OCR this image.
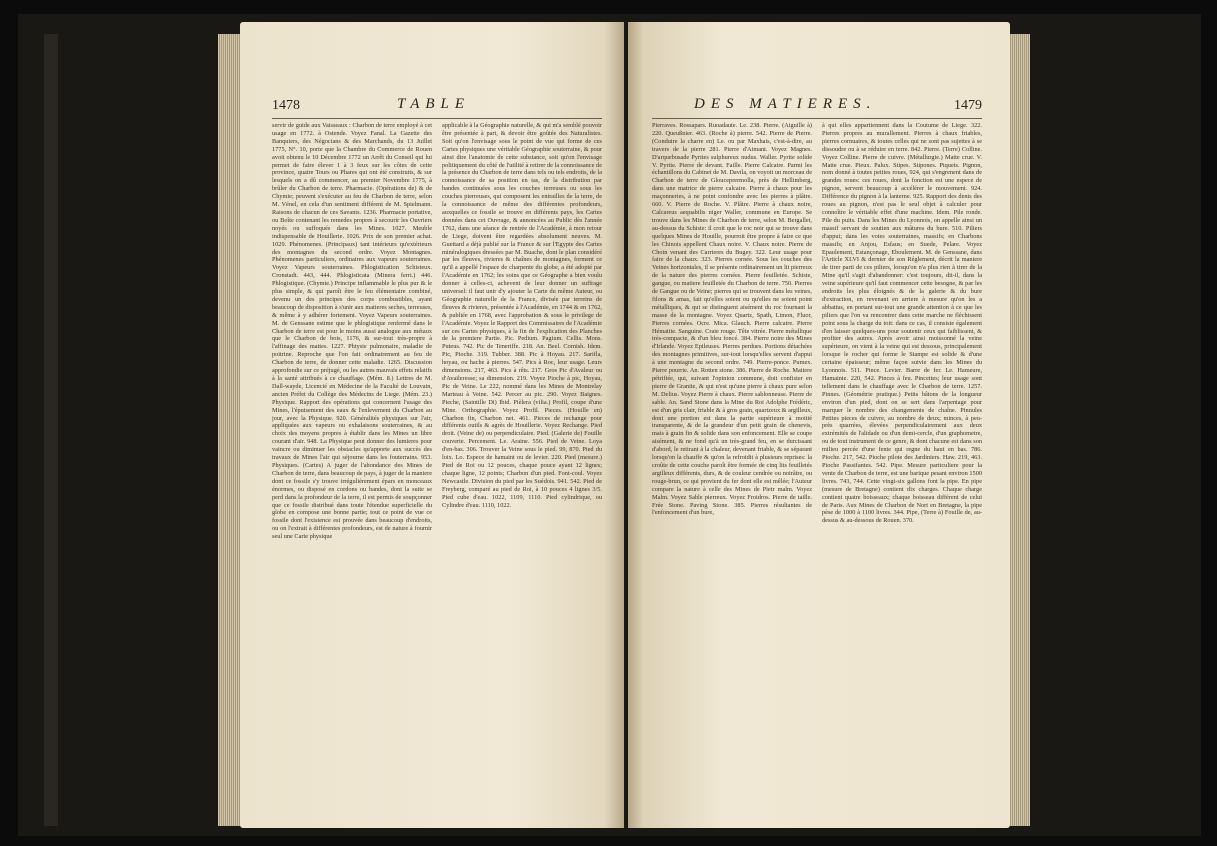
1478	TABLE

servir de guide aux Vaisseaux : Charbon de terre employé à cet usage en 1772. à Ostende. Voyez Fanal. La Gazette des Banquiers, des Négocians & des Marchands, du 13 Juillet 1775, N°. 10, porte que la Chambre du Commerce de Rouen avoit obtenu le 10 Décembre 1772 un Arrêt du Conseil qui lui permet de faire élever 1 à 3 feux sur les côtes de cette province, quatre Tours ou Phares qui ont été construits, & sur lesquels on a dû commencer, au premier Novembre 1775, à brûler du Charbon de terre. Pharmacie. (Opérations de) & de Chymie; peuvent s'exécuter au feu de Charbon de terre, selon M. Vénel, en cela d'un sentiment différent de M. Spielmann. Raisons de chacun de ces Savants. 1236. Pharmacie portative, ou Boîte contenant les remedes propres à secourir les Ouvriers noyés ou suffoqués dans les Mines. 1027. Meuble indispensable de Houillerie. 1026. Prix de son premier achat. 1029. Phénomenes. (Principaux) tant intérieurs qu'extérieurs des montagnes du second ordre. Voyez Montagnes. Phénomenes particuliers, ordinaires aux vapeurs souterraines. Voyez Vapeurs souterraines. Phlogistication Schisteux. Cronstadt. 443, 444. Phlogisticata (Minera ferri.) 446. Phlogistique. (Chymie.) Principe inflammable le plus pur & le plus simple, & qui paroît être le feu élémentaire combiné, devenu un des principes des corps combustibles, ayant beaucoup de disposition à s'unir aux matieres seches, terreuses, & même à y adhérer fortement. Voyez Vapeurs souterraines. M. de Genssane estime que le phlogistique renfermé dans le Charbon de terre est pour le moins aussi analogue aux métaux que le Charbon de bois, 1176, & sur-tout très-propre à l'affinage des mattes. 1227. Phtysie pulmonaire, maladie de poitrine. Reproche que l'on fait ordinairement au feu de Charbon de terre, de donner cette maladie. 1265. Discussion approfondie sur ce préjugé, ou les autres mauvais effets relatifs à la santé attribués à ce chauffage. (Mém. 8.) Lettres de M. Dall-wayde, Licencié en Médecine de la Faculté de Louvain, ancien Préfet du Collège des Médecins de Liege. (Mém. 23.) Physique. Rapport des opérations qui concernent l'usage des Mines, l'épuisement des eaux & l'enlevement du Charbon au jour, avec la Physique. 920. Généralités physiques sur l'air, appliquées aux vapeurs ou exhalaisons souterraines, & au choix des moyens propres à établir dans les Mines un libre courant d'air. 948. La Physique peut donner des lumieres pour vaincre ou diminuer les obstacles qu'apporte aux succès des travaux de Mines l'air qui séjourne dans les fouterrains. 953. Physiques. (Cartes) A juger de l'abondance des Mines de Charbon de terre, dans beaucoup de pays, à juger de la maniere dont ce fossile s'y trouve irrégulièrement épars en monceaux énormes, ou disposé en cordons ou bandes, dont la suite se perd dans la profondeur de la terre, il est permis de soupçonner que ce fossile distribué dans toute l'étendue superficielle du globe en compose une bonne partie; tout ce point de vue ce fossile dont l'existence est prouvée dans beaucoup d'endroits, ou on l'extrait à différentes profondeurs, est de nature à fournir seul une Carte physique

applicable à la Géographie naturelle, & qui m'a semblé pouvoir être présentée à part, & devoir être goûtée des Naturalistes. Soit qu'on l'envisage sous le point de vue qui forme de ces Cartes physiques une véritable Géographie souterraine, & pour ainsi dire l'anatomie de cette substance, soit qu'on l'envisage politiquement du côté de l'utilité à retirer de la connoissance de la présence du Charbon de terre dans tels ou tels endroits, de la connoissance de sa position en tas, de la distribution par bandes continuées sous les couches terreuses ou sous les couches pierreuses, qui composent les entrailles de la terre, de la connoissance de même des différentes profondeurs, auxquelles ce fossile se trouve en différents pays, les Cartes données dans cet Ouvrage, & annoncées au Public dès l'année 1762, dans une séance de rentrée de l'Académie, à mon retour de Liege, doivent être regardées absolument neuves. M. Guettard a déjà publié sur la France & sur l'Egypte des Cartes minéralogiques dressées par M. Buache, dont le plan considéré par les fleuves, rivieres & chaînes de montagnes, forment ce qu'il a appellé l'espace de charpente du globe, a été adopté par l'Académie en 1762; les soins que ce Géographe a bien voulu donner à celles-ci, achevent de leur donner un suffrage universel: il faut unir d'y ajouter la Carte du même Auteur, ou Géographie naturelle de la France, divisée par terreins de fleuves & rivieres, présentée à l'Académie, en 1744 & en 1762, & publiée en 1768, avec l'approbation & sous le privilege de l'Académie. Voyez le Rapport des Commissaires de l'Académie sur ces Cartes physiques, à la fin de l'explication des Planches de la premiere Partie. Pic. Pedium. Pagium. Cellis. Mons. Puteus. 742. Pic de Teneriffe. 218. An. Beel. Cornish. Idem. Pic, Pioche. 319. Tubber. 388. Pic à Hoyau. 217. Sarifla, hoyau, ou hache à pierres. 547. Pics à Roc, leur usage. Leurs dimensions. 217, 463. Pics à rêts. 217. Gros Pic d'Avaleur ou d'Availeresse; sa dimension. 219. Voyez Pioche à pic, Hoyau, Pic de Veine. Le 222, nommé dans les Mines de Montrelay Marteau à Veine. 542. Percer au pic. 290. Voyez Baignes. Pieche, (Saintille Di) Ibid. Pièlera (vilia.) Profil, coupe d'une Mine. Orthographie. Voyez Profil. Pieces. (Houille en) Charbon fin, Charbon net. 461. Pieces de rechange pour différents outils & agrès de Houillerie. Voyez Rechange. Pied droit. (Veine de) ou perpendiculaire. Pied. (Galerie de) Fouille couverte. Percement. Le. Araine. 556. Pied de Veine. Loya d'en-bas. 306. Trouver la Veine sous le pied. 99, 870. Pied du loix. Lo. Espece de hamaint ou de levier. 220. Pied (mesure.) Pied de Roi ou 12 pouces, chaque pouce ayant 12 lignes; chaque ligne, 12 points; Charbon d'un pied. Font-coul. Voyez Newcastle. Division du pied par les Suédois. 941. 542. Pied de Freyberg, comparé au pied de Roi, à 10 pouces 4 lignes 3/5. Pied cube d'eau. 1022, 1109, 1110. Pied cylindrique, ou Cylindre d'eau. 1110, 1022.

DES MATIERES.	1479

Pierraves. Rossapars. Ruoadaute. Le. 238. Pierre. (Aiguille à) 220. Queußnier. 463. (Roche à) pierre. 542. Pierre de Pierre. (Conduire la charre en) Le. ou par Maxhais, c'est-à-dire, au travers de la pierre 281. Pierre d'Aimant. Voyez Magnes. D'arquebusade Pyrites sulphureux nudus. Waller. Pyrite solide V. Pyrite. Pierre de devant. Faille. Pierre Calcaire. Parmi les échantillons du Cabinet de M. Davila, on voyoit un morceau de Charbon de terre de Glouceprermolla, près de Hellimberg, dans une matrice de pierre calcaire. Pierre à chaux pour les maçonneries, à ne point confondre avec les pierres à plâtre. 660. V. Pierre de Roche. V. Plâtre. Pierre à chaux noire, Calcareus aequabilis niger Waller, commune en Europe. Se trouve dans les Mines de Charbon de terre, selon M. Bergallet, au-dessus du Schiste: il croit que le roc noir qui se trouve dans quelques Mines de Houille, pourroit être propre à faire ce que les Chinois appellent Chaux noire. V. Chaux noire. Pierre de Choin venant des Carrieres du Bugey. 322. Leur usage pour faire de la chaux. 323. Pierres cornée. Sous les couches des Veines horizontales, il se présente ordinairement un lit pierreux de la nature des pierres cornées. Pierre feuilletée. Schiste, gangue, ou matiere feuilletée du Charbon de terre. 750. Pierres de Gangue ou de Veine; pierres qui se trouvent dans les veines, filons & amas, fait qu'elles soient ou qu'elles ne soient point métalliques, & qui se distinguent aisément du roc fournant la masse de la montagne. Voyez Quartz, Spath, Limon, Fluor, Pierres cornées. Ocre. Mica. Glauch. Pierre calcaire. Pierre Hématite. Sanguine. Craie rouge. Tête vitrée. Pierre métallique très-compacte, & d'un bleu foncé. 384. Pierre noire des Mines d'Irlande. Voyez Epileuses. Pierres perdues. Portions détachées des montagnes primitives, sur-tout lorsqu'elles servent d'appui à une montagne du second ordre. 749. Pierre-ponce. Pumex. Pierre pourrie. An. Rotten stone. 386. Pierre de Roche. Matiere pétrifiée, qui, suivant l'opinion commune, doit confister en pierre de Granite, & qui n'est qu'une pierre à chaux pure selon M. Delius. Voyez Pierre à chaux. Pierre sablonneuse. Pierre de sable. An. Sand Stone dans la Mine du Roi Adolphe Frédéric, est d'un gris clair, friable & à gros grain, quartzeux & argilleux, dont une portion est dans la partie supérieure à moitié transparente, & de la grandeur d'un petit grain de chenevis, mais à grain fin & solide dans son enfoncement. Elle se coupe aisément, & ne fond qu'à un très-grand feu, en se durcissant d'abord, le retirant à la chaleur, devenant friable, & se séparant lorsqu'on la chauffe & qu'on la refroidit à plusieurs reprises: la croûte de cette couche paroît être formée de cinq lits feuilletés argilleux différents, durs, & de couleur cendrée ou noirâtre, ou rouge-brun, ce qui provient du fer dont elle est mêlée; l'Auteur compare la nature à celle des Mines de Pietr malm. Voyez Malm. Voyez Sable pierreux. Voyez Froidros. Pierre de taille. Frée Stone. Paving Stone. 385. Pierres résultantes de l'enfoncement d'un bure,

à qui elles appartiennent dans la Coutume de Liege. 322. Pierres propres au murallement. Pierres à chaux friables, pierres cornuaires, & toutes celles qui ne sont pas sujettes à se dissoudre ou à se réduire en terre. 842. Pierre. (Terre) Colline. Voyez Colline. Pierre de cuivre. (Métallurgie.) Matte crue. V. Matte crue. Pieux. Palux. Stipes. Stipones. Piquets. Pignon, nom donné à toutes petites roues, 924, qui s'engrenent dans de grandes roues: ces roues, dont la fonction est une espece de pignon, servent beaucoup à accélérer le mouvement. 924. Différence du pignon à la lanterne. 925. Rapport des dents des roues au pignon, n'est pas le seul objet à calculer pour connoître le véritable effet d'une machine. Idem. Pile ronde. Pile du puits. Dans les Mines du Lyonnois, on appelle ainsi un massif servant de soutien aux mâtures du bure. 510. Piliers d'appui; dans les voies souterraines, massifs; en Charbons massifs; en Anjou, Esfaus; en Suede, Pelare. Voyez Epaulement, Estançonage, Eboulement. M. de Genssane, dans l'Article XLVI & dernier de son Réglement, décrit la maniere de tirer parti de ces piliers, lorsqu'on n'a plus rien à tirer de la Mine qu'il s'agit d'abandonner: c'est toujours, dit-il, dans la veine supérieure qu'il faut commencer cette besogne, & par les endroits les plus éloignés & de la galerie & du bure d'extraction, en revenant en arriere à mesure qu'on les a abbattus, en portant sur-tout une grande attention à ce que les piliers que l'on va rencontrer dans cette marche ne fléchissent point sous la charge du toit: dans ce cas, il consiste également d'en laisser quelques-uns pour soutenir ceux qui faiblissent, & profiter des autres. Après avoir ainsi moissonné la veine supérieure, on vient à la veine qui est dessous, principalement lorsque le rocher qui forme le Stampe est solide & d'une certaine épaisseur; même façon suivie dans les Mines du Lyonnois. 511. Pince. Levier. Barre de fer. Le. Hameure, Hamainie. 220, 542. Pinces à feu. Pincettes; leur usage sont tellement dans le chauffage avec le Charbon de terre. 1257. Pinnes. (Géométrie pratique.) Petits bâtons de la longueur environ d'un pied, dont on se sert dans l'arpentage pour marquer le nombre des changements de chaîne. Pinnules Petites pieces de cuivre, au nombre de deux; minces, à peu-près quarrées, élevées perpendiculairement aux deux extrémités de l'alidade ou d'un demi-cercle, d'un graphometre, ou de tout instrument de ce genre, & dont chacune est dans son milieu percée d'une fente qui regne du haut en bas. 786. Pioche. 217, 542. Pioche pilote des Jardiniers. Haw. 219, 463. Pioche Passifantes. 542. Pipe. Mesure particuliere pour la vente de Charbon de terre, est une barique pesant environ 1500 livres. 743, 744. Cette vingt-six gallons font la pipe. En pipe (mesure de Bretagne) contient dix charges. Chaque charge contient quatre boisseaux; chaque boisseau différent de celui de Paris. Aux Mines de Charbon de Nort en Bretagne, la pipe pèse de 1000 à 1100 livres. 344. Pipe, (Terre à) Fouille de, au-dessus & au-dessous de Rouen. 370.
